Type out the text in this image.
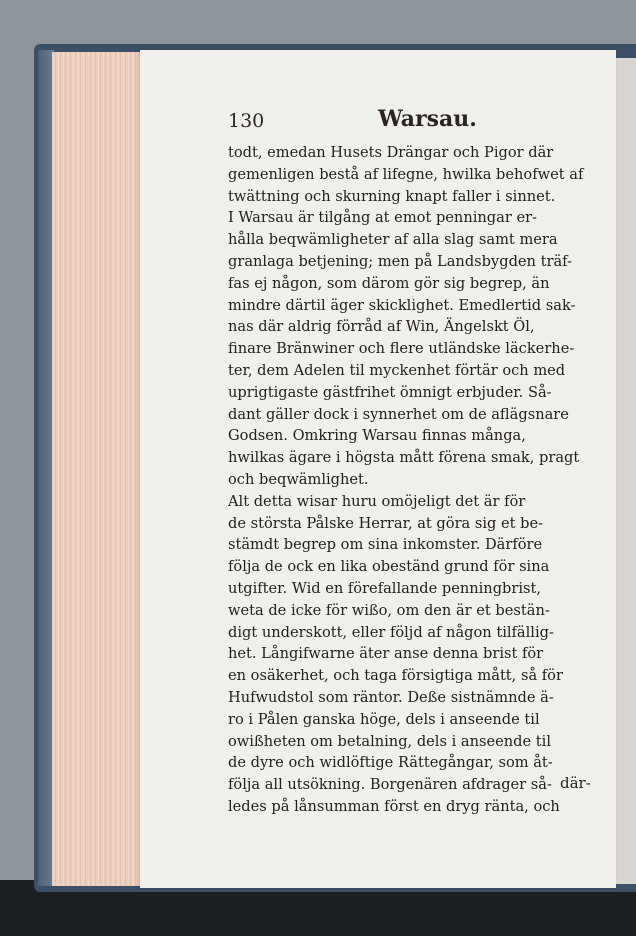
130	Warsau.
todt, emedan Husets Drängar och Pigor där
gemenligen bestå af lifegne, hwilka behofwet af
twättning och skurning knapt faller i sinnet.
I Warsau är tilgång at emot penningar er-
hålla beqwämligheter af alla slag samt mera
granlaga betjening; men på Landsbygden träf-
fas ej någon, som därom gör sig begrep, än
mindre därtil äger skicklighet. Emedlertid sak-
nas där aldrig förråd af Win, Ängelskt Öl,
finare Bränwiner och flere utländske läckerhe-
ter, dem Adelen til myckenhet förtär och med
uprigtigaste gästfrihet ömnigt erbjuder. Så-
dant gäller dock i synnerhet om de aflägsnare
Godsen. Omkring Warsau finnas många,
hwilkas ägare i högsta mått förena smak, pragt
och beqwämlighet.
Alt detta wisar huru omöjeligt det är för
de största Pålske Herrar, at göra sig et be-
stämdt begrep om sina inkomster. Därföre
följa de ock en lika obeständ grund för sina
utgifter. Wid en förefallande penningbrist,
weta de icke för wißo, om den är et bestän-
digt underskott, eller följd af någon tilfällig-
het. Långifwarne äter anse denna brist för
en osäkerhet, och taga försigtiga mått, så för
Hufwudstol som räntor. Deße sistnämnde ä-
ro i Pålen ganska höge, dels i anseende til
owißheten om betalning, dels i anseende til
de dyre och widlöftige Rättegångar, som åt-
följa all utsökning. Borgenären afdrager så-
ledes på lånsumman först en dryg ränta, och
där-
